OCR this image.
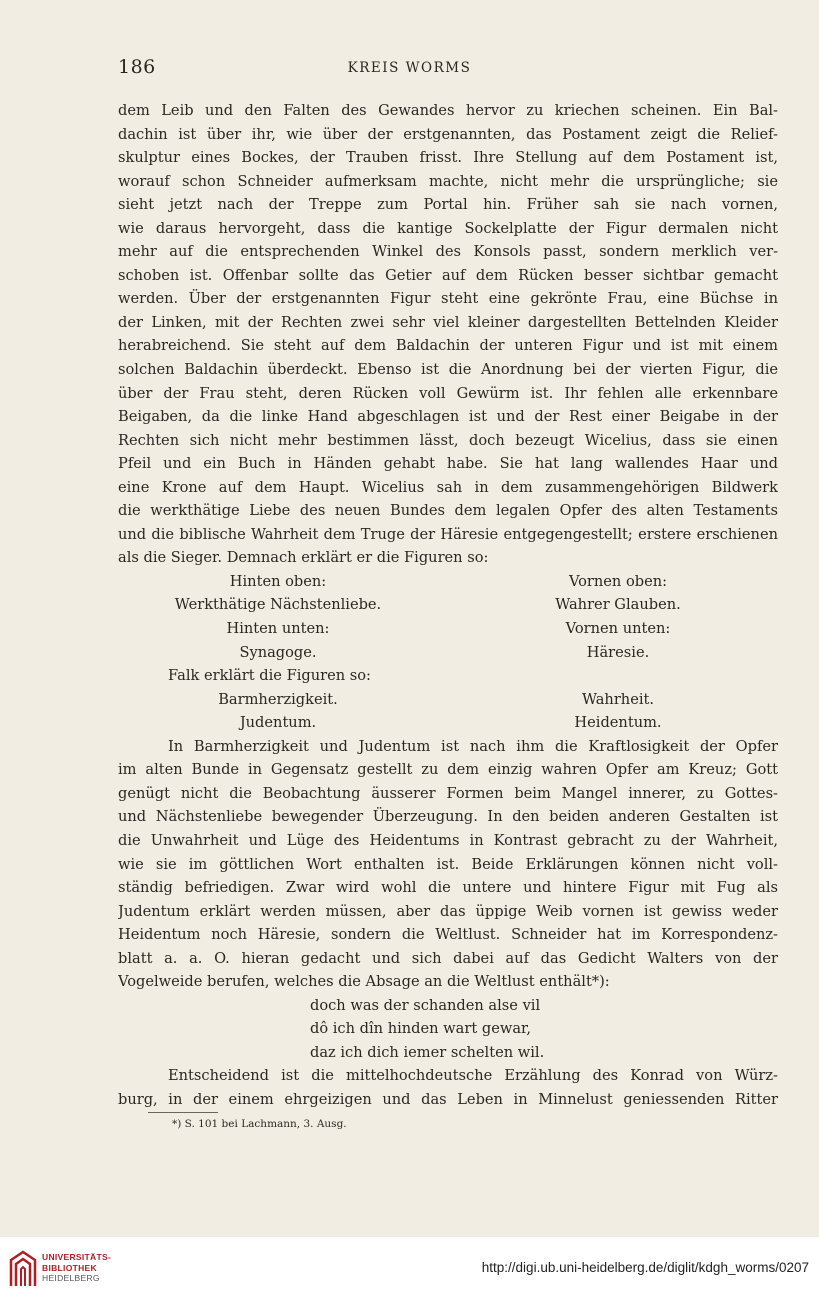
186	KREIS WORMS
dem Leib und den Falten des Gewandes hervor zu kriechen scheinen. Ein Bal-
dachin ist über ihr, wie über der erstgenannten, das Postament zeigt die Relief-
skulptur eines Bockes, der Trauben frisst. Ihre Stellung auf dem Postament ist,
worauf schon Schneider aufmerksam machte, nicht mehr die ursprüngliche; sie
sieht jetzt nach der Treppe zum Portal hin. Früher sah sie nach vornen,
wie daraus hervorgeht, dass die kantige Sockelplatte der Figur dermalen nicht
mehr auf die entsprechenden Winkel des Konsols passt, sondern merklich ver-
schoben ist. Offenbar sollte das Getier auf dem Rücken besser sichtbar gemacht
werden. Über der erstgenannten Figur steht eine gekrönte Frau, eine Büchse in
der Linken, mit der Rechten zwei sehr viel kleiner dargestellten Bettelnden Kleider
herabreichend. Sie steht auf dem Baldachin der unteren Figur und ist mit einem
solchen Baldachin überdeckt. Ebenso ist die Anordnung bei der vierten Figur, die
über der Frau steht, deren Rücken voll Gewürm ist. Ihr fehlen alle erkennbare
Beigaben, da die linke Hand abgeschlagen ist und der Rest einer Beigabe in der
Rechten sich nicht mehr bestimmen lässt, doch bezeugt Wicelius, dass sie einen
Pfeil und ein Buch in Händen gehabt habe. Sie hat lang wallendes Haar und
eine Krone auf dem Haupt. Wicelius sah in dem zusammengehörigen Bildwerk
die werkthätige Liebe des neuen Bundes dem legalen Opfer des alten Testaments
und die biblische Wahrheit dem Truge der Häresie entgegengestellt; erstere erschienen
als die Sieger. Demnach erklärt er die Figuren so:
Hinten oben:	Vornen oben:
Werkthätige Nächstenliebe.	Wahrer Glauben.
Hinten unten:	Vornen unten:
Synagoge.	Häresie.
Falk erklärt die Figuren so:
Barmherzigkeit.	Wahrheit.
Judentum.	Heidentum.
In Barmherzigkeit und Judentum ist nach ihm die Kraftlosigkeit der Opfer
im alten Bunde in Gegensatz gestellt zu dem einzig wahren Opfer am Kreuz; Gott
genügt nicht die Beobachtung äusserer Formen beim Mangel innerer, zu Gottes-
und Nächstenliebe bewegender Überzeugung. In den beiden anderen Gestalten ist
die Unwahrheit und Lüge des Heidentums in Kontrast gebracht zu der Wahrheit,
wie sie im göttlichen Wort enthalten ist. Beide Erklärungen können nicht voll-
ständig befriedigen. Zwar wird wohl die untere und hintere Figur mit Fug als
Judentum erklärt werden müssen, aber das üppige Weib vornen ist gewiss weder
Heidentum noch Häresie, sondern die Weltlust. Schneider hat im Korrespondenz-
blatt a. a. O. hieran gedacht und sich dabei auf das Gedicht Walters von der
Vogelweide berufen, welches die Absage an die Weltlust enthält*):
doch was der schanden alse vil
dô ich dîn hinden wart gewar,
daz ich dich iemer schelten wil.
Entscheidend ist die mittelhochdeutsche Erzählung des Konrad von Würz-
burg, in der einem ehrgeizigen und das Leben in Minnelust geniessenden Ritter
*) S. 101 bei Lachmann, 3. Ausg.
UNIVERSITÄTS-
BIBLIOTHEK
HEIDELBERG
http://digi.ub.uni-heidelberg.de/diglit/kdgh_worms/0207
